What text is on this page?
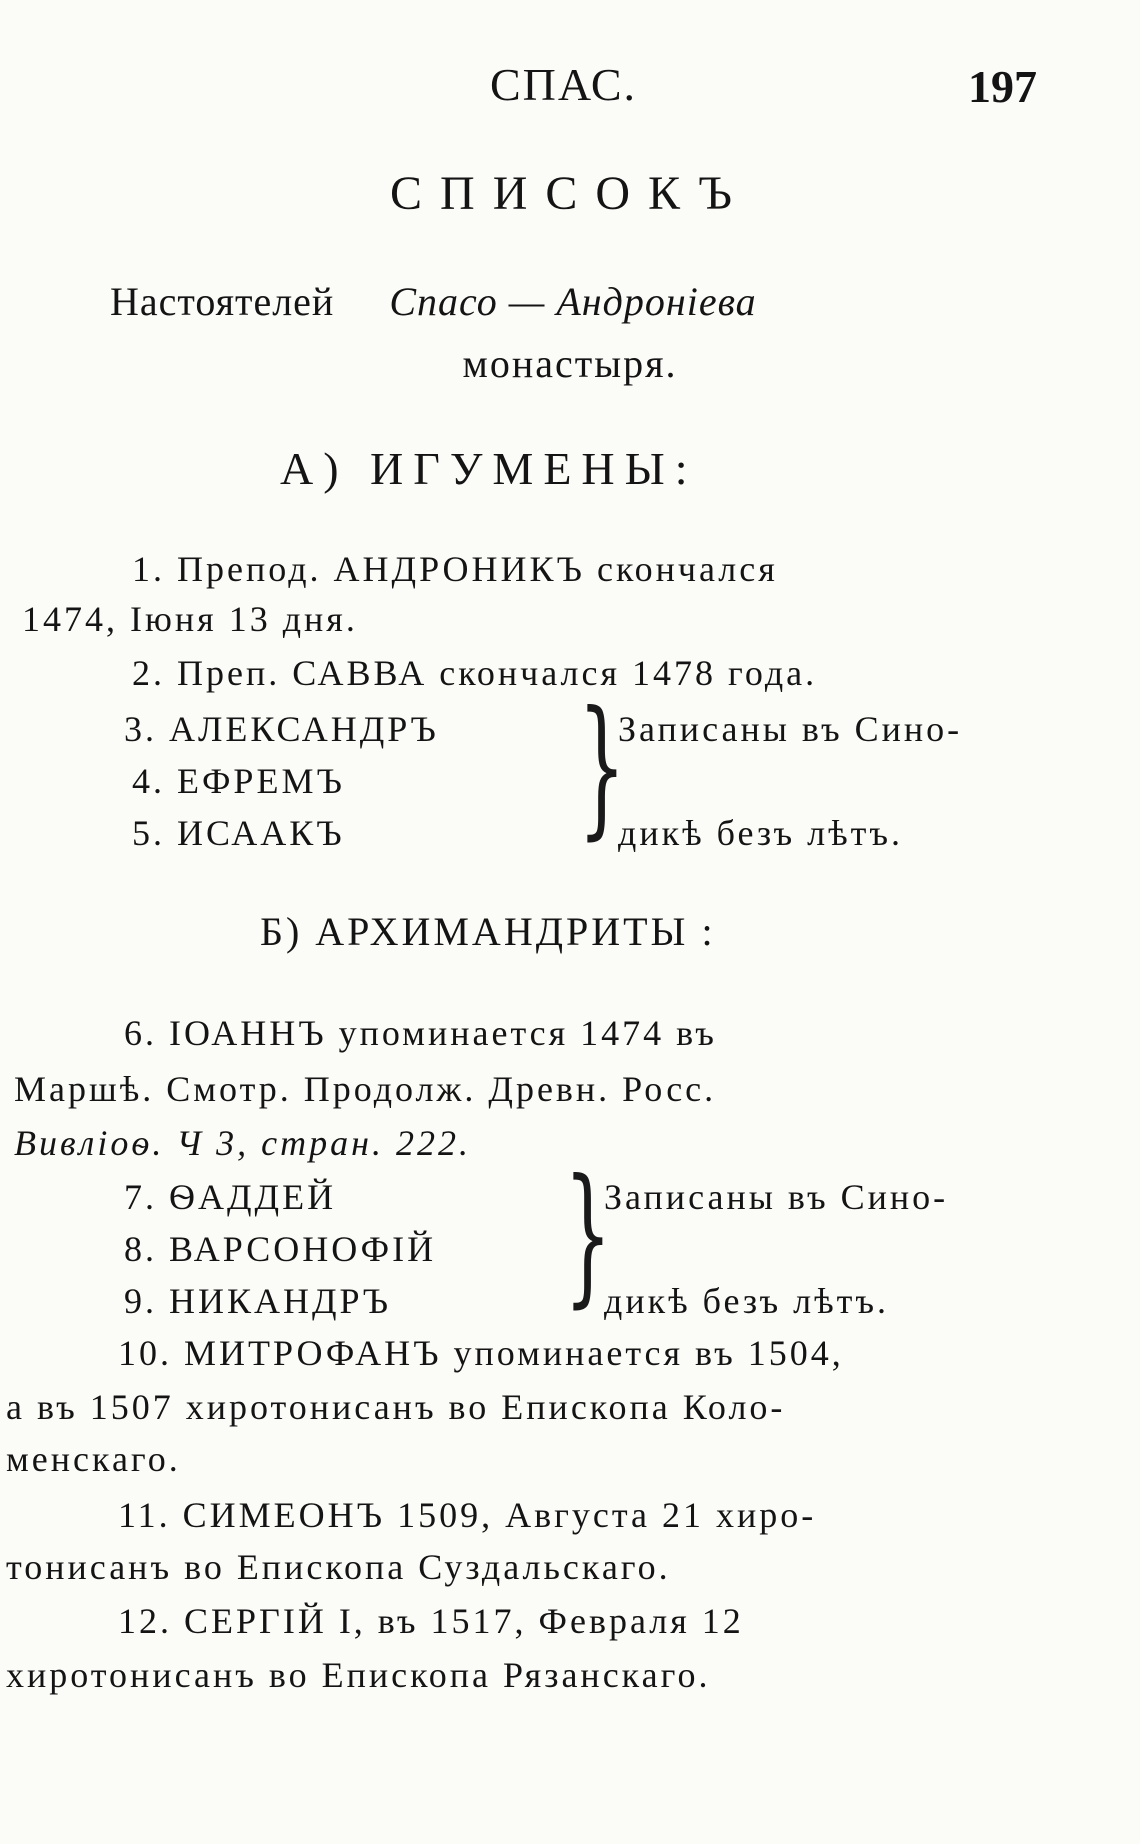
СПАС.	197
СПИСОКЪ
Настоятелей Спасо — Андроніева
монастыря.
А) ИГУМЕНЫ:
1. Препод. АНДРОНИКЪ скончался
1474, Іюня 13 дня.
2. Преп. САВВА скончался 1478 года.
3. АЛЕКСАНДРЪ
4. ЕФРЕМЪ
5. ИСААКЪ }
Записаны въ Сино-
дикѣ безъ лѣтъ.
Б) АРХИМАНДРИТЫ :
6. ІОАННЪ упоминается 1474 въ
Маршѣ. Смотр. Продолж. Древн. Росс.
Вивліоѳ. Ч 3, стран. 222.
7. ѲАДДЕЙ
8. ВАРСОНОФІЙ
9. НИКАНДРЪ }
Записаны въ Сино-
дикѣ безъ лѣтъ.
10. МИТРОФАНЪ упоминается въ 1504,
а въ 1507 хиротонисанъ во Епископа Коло-
менскаго.
11. СИМЕОНЪ 1509, Августа 21 хиро-
тонисанъ во Епископа Суздальскаго.
12. СЕРГІЙ I, въ 1517, Февраля 12
хиротонисанъ во Епископа Рязанскаго.
